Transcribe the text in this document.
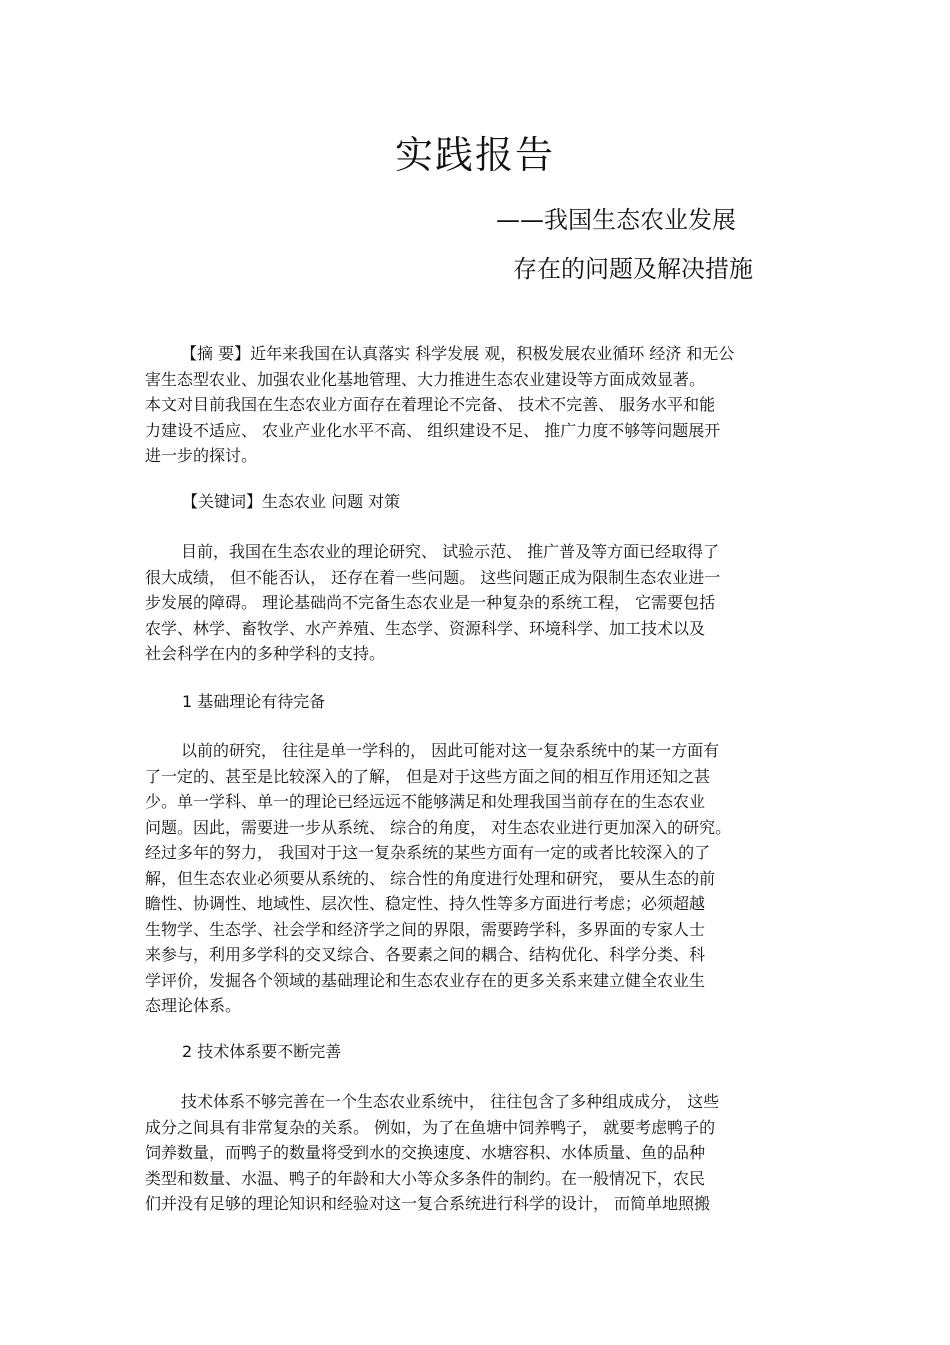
实践报告

——我国生态农业发展

存在的问题及解决措施

【摘 要】近年来我国在认真落实 科学发展 观，积极发展农业循环 经济 和无公
害生态型农业、加强农业化基地管理、大力推进生态农业建设等方面成效显著。
本文对目前我国在生态农业方面存在着理论不完备、 技术不完善、 服务水平和能
力建设不适应、 农业产业化水平不高、 组织建设不足、 推广力度不够等问题展开
进一步的探讨。

【关键词】生态农业 问题 对策

目前，我国在生态农业的理论研究、 试验示范、 推广普及等方面已经取得了
很大成绩， 但不能否认， 还存在着一些问题。 这些问题正成为限制生态农业进一
步发展的障碍。 理论基础尚不完备生态农业是一种复杂的系统工程， 它需要包括
农学、林学、畜牧学、水产养殖、生态学、资源科学、环境科学、加工技术以及
社会科学在内的多种学科的支持。

1 基础理论有待完备

以前的研究， 往往是单一学科的， 因此可能对这一复杂系统中的某一方面有
了一定的、甚至是比较深入的了解， 但是对于这些方面之间的相互作用还知之甚
少。单一学科、单一的理论已经远远不能够满足和处理我国当前存在的生态农业
问题。因此，需要进一步从系统、 综合的角度， 对生态农业进行更加深入的研究。
经过多年的努力， 我国对于这一复杂系统的某些方面有一定的或者比较深入的了
解，但生态农业必须要从系统的、 综合性的角度进行处理和研究， 要从生态的前
瞻性、协调性、地域性、层次性、稳定性、持久性等多方面进行考虑；必须超越
生物学、生态学、社会学和经济学之间的界限，需要跨学科，多界面的专家人士
来参与，利用多学科的交叉综合、各要素之间的耦合、结构优化、科学分类、科
学评价，发掘各个领域的基础理论和生态农业存在的更多关系来建立健全农业生
态理论体系。

2 技术体系要不断完善

技术体系不够完善在一个生态农业系统中， 往往包含了多种组成成分， 这些
成分之间具有非常复杂的关系。 例如，为了在鱼塘中饲养鸭子， 就要考虑鸭子的
饲养数量，而鸭子的数量将受到水的交换速度、水塘容积、水体质量、鱼的品种
类型和数量、水温、鸭子的年龄和大小等众多条件的制约。在一般情况下，农民
们并没有足够的理论知识和经验对这一复合系统进行科学的设计， 而简单地照搬
